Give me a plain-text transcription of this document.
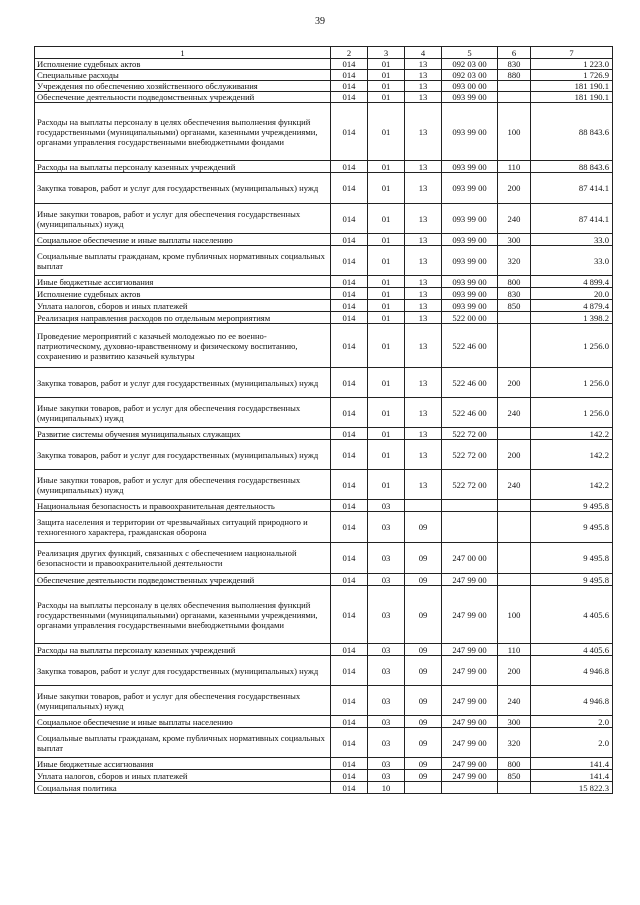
39
1	2	3	4	5	6	7
Исполнение судебных актов	014	01	13	092 03 00	830	1 223.0
Специальные расходы	014	01	13	092 03 00	880	1 726.9
Учреждения по обеспечению хозяйственного обслуживания	014	01	13	093 00 00		181 190.1
Обеспечение деятельности подведомственных учреждений	014	01	13	093 99 00		181 190.1
Расходы на выплаты персоналу в целях обеспечения выполнения функций государственными (муниципальными) органами, казенными учреждениями, органами управления государственными внебюджетными фондами	014	01	13	093 99 00	100	88 843.6
Расходы на выплаты персоналу казенных учреждений	014	01	13	093 99 00	110	88 843.6
Закупка товаров, работ и услуг для государственных (муниципальных) нужд	014	01	13	093 99 00	200	87 414.1
Иные закупки товаров, работ и услуг для обеспечения государственных (муниципальных) нужд	014	01	13	093 99 00	240	87 414.1
Социальное обеспечение и иные выплаты населению	014	01	13	093 99 00	300	33.0
Социальные выплаты гражданам, кроме публичных нормативных социальных выплат	014	01	13	093 99 00	320	33.0
Иные бюджетные ассигнования	014	01	13	093 99 00	800	4 899.4
Исполнение судебных актов	014	01	13	093 99 00	830	20.0
Уплата налогов, сборов и иных платежей	014	01	13	093 99 00	850	4 879.4
Реализация направления расходов по отдельным мероприятиям	014	01	13	522 00 00		1 398.2
Проведение мероприятий с казачьей молодежью по ее военно-патриотическому, духовно-нравственному и физическому воспитанию, сохранению и развитию казачьей культуры	014	01	13	522 46 00		1 256.0
Закупка товаров, работ и услуг для государственных (муниципальных) нужд	014	01	13	522 46 00	200	1 256.0
Иные закупки товаров, работ и услуг для обеспечения государственных (муниципальных) нужд	014	01	13	522 46 00	240	1 256.0
Развитие системы обучения муниципальных служащих	014	01	13	522 72 00		142.2
Закупка товаров, работ и услуг для государственных (муниципальных) нужд	014	01	13	522 72 00	200	142.2
Иные закупки товаров, работ и услуг для обеспечения государственных (муниципальных) нужд	014	01	13	522 72 00	240	142.2
Национальная безопасность и правоохранительная деятельность	014	03				9 495.8
Защита населения и территории от чрезвычайных ситуаций природного и техногенного характера, гражданская оборона	014	03	09			9 495.8
Реализация других функций, связанных с обеспечением национальной безопасности и правоохранительной деятельности	014	03	09	247 00 00		9 495.8
Обеспечение деятельности подведомственных учреждений	014	03	09	247 99 00		9 495.8
Расходы на выплаты персоналу в целях обеспечения выполнения функций государственными (муниципальными) органами, казенными учреждениями, органами управления государственными внебюджетными фондами	014	03	09	247 99 00	100	4 405.6
Расходы на выплаты персоналу казенных учреждений	014	03	09	247 99 00	110	4 405.6
Закупка товаров, работ и услуг для государственных (муниципальных) нужд	014	03	09	247 99 00	200	4 946.8
Иные закупки товаров, работ и услуг для обеспечения государственных (муниципальных) нужд	014	03	09	247 99 00	240	4 946.8
Социальное обеспечение и иные выплаты населению	014	03	09	247 99 00	300	2.0
Социальные выплаты гражданам, кроме публичных нормативных социальных выплат	014	03	09	247 99 00	320	2.0
Иные бюджетные ассигнования	014	03	09	247 99 00	800	141.4
Уплата налогов, сборов и иных платежей	014	03	09	247 99 00	850	141.4
Социальная политика	014	10				15 822.3
